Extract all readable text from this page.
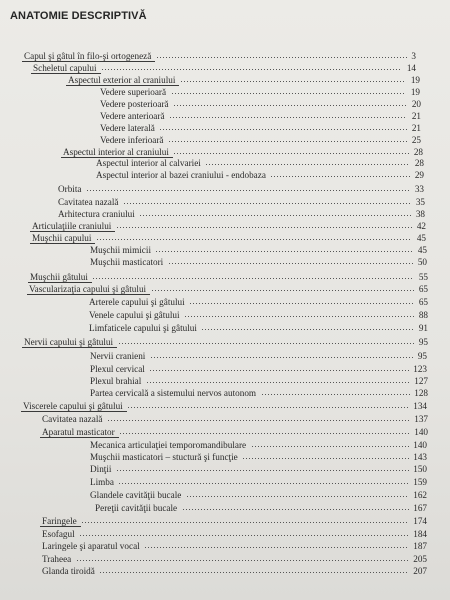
ANATOMIE DESCRIPTIVĂ
Capul şi gâtul în filo-şi ortogeneză	3
Scheletul capului	14
Aspectul exterior al craniului	19
Vedere superioară	19
Vedere posterioară	20
Vedere anterioară	21
Vedere laterală	21
Vedere inferioară	25
Aspectul interior al craniului	28
Aspectul interior al calvariei	28
Aspectul interior al bazei craniului - endobaza	29
Orbita	33
Cavitatea nazală	35
Arhitectura craniului	38
Articulaţiile craniului	42
Muşchii capului	45
Muşchii mimicii	45
Muşchii masticatori	50
Muşchii gâtului	55
Vascularizaţia capului şi gâtului	65
Arterele capului şi gâtului	65
Venele capului şi gâtului	88
Limfaticele capului şi gâtului	91
Nervii capului şi gâtului	95
Nervii cranieni	95
Plexul cervical	123
Plexul brahial	127
Partea cervicală a sistemului nervos autonom	128
Viscerele capului şi gâtului	134
Cavitatea nazală	137
Aparatul masticator	140
Mecanica articulaţiei temporomandibulare	140
Muşchii masticatori – stuctură şi funcţie	143
Dinţii	150
Limba	159
Glandele cavităţii bucale	162
Pereţii cavităţii bucale	167
Faringele	174
Esofagul	184
Laringele şi aparatul vocal	187
Traheea	205
Glanda tiroidă	207
